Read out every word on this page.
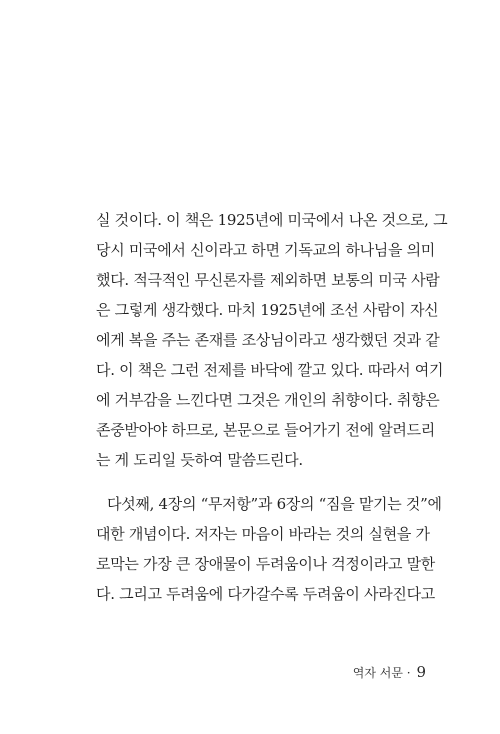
실 것이다. 이 책은 1925년에 미국에서 나온 것으로, 그
당시 미국에서 신이라고 하면 기독교의 하나님을 의미
했다. 적극적인 무신론자를 제외하면 보통의 미국 사람
은 그렇게 생각했다. 마치 1925년에 조선 사람이 자신
에게 복을 주는 존재를 조상님이라고 생각했던 것과 같
다. 이 책은 그런 전제를 바닥에 깔고 있다. 따라서 여기
에 거부감을 느낀다면 그것은 개인의 취향이다. 취향은
존중받아야 하므로, 본문으로 들어가기 전에 알려드리
는 게 도리일 듯하여 말씀드린다.
다섯째, 4장의 “무저항”과 6장의 “짐을 맡기는 것”에
대한 개념이다. 저자는 마음이 바라는 것의 실현을 가
로막는 가장 큰 장애물이 두려움이나 걱정이라고 말한
다. 그리고 두려움에 다가갈수록 두려움이 사라진다고
역자 서문 · 9
